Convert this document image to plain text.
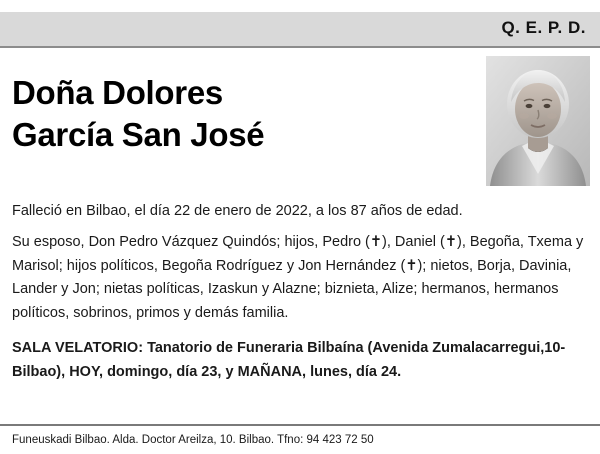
Q. E. P. D.
Doña Dolores
García San José
Falleció en Bilbao, el día 22 de enero de 2022, a los 87 años de edad.
Su esposo, Don Pedro Vázquez Quindós; hijos, Pedro (✝), Daniel (✝), Begoña, Txema y Marisol; hijos políticos, Begoña Rodríguez y Jon Hernández (✝); nietos, Borja, Davinia, Lander y Jon; nietas políticas, Izaskun y Alazne; biznieta, Alize; hermanos, hermanos políticos, sobrinos, primos y demás familia.
SALA VELATORIO: Tanatorio de Funeraria Bilbaína (Avenida Zumalacarregui,10-Bilbao), HOY, domingo, día 23, y MAÑANA, lunes, día 24.
Funeuskadi Bilbao. Alda. Doctor Areilza, 10. Bilbao. Tfno: 94 423 72 50
